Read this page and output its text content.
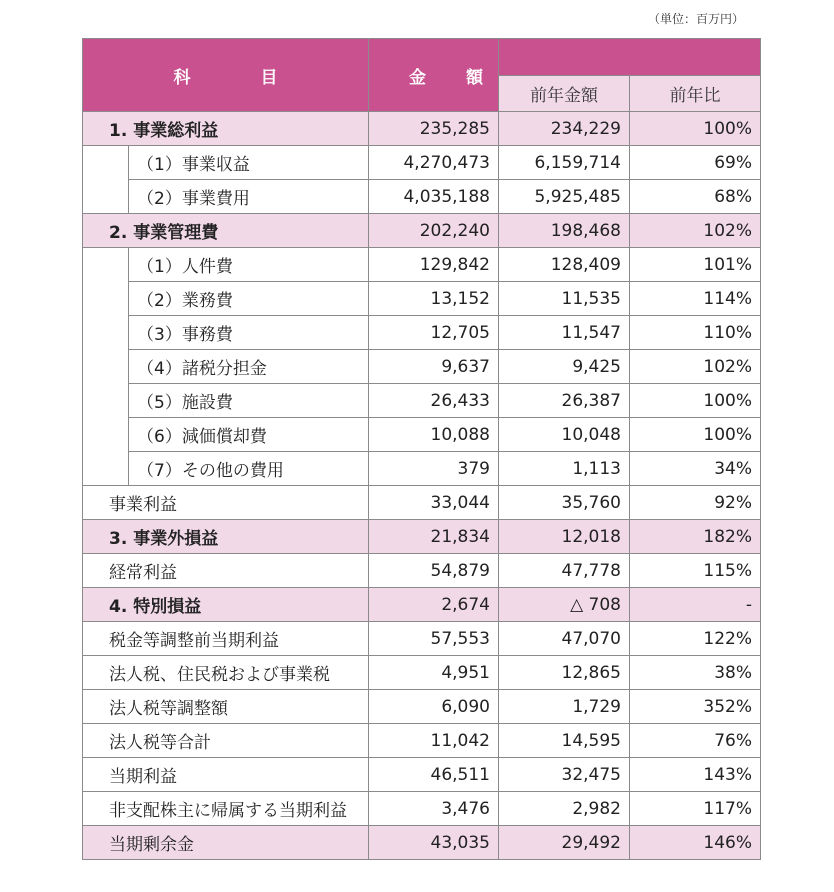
（単位：百万円）
科目		金額		
			前年金額	前年比
1. 事業総利益		235,285	234,229	100%
	（1）事業収益	4,270,473	6,159,714	69%
	（2）事業費用	4,035,188	5,925,485	68%
2. 事業管理費		202,240	198,468	102%
	（1）人件費	129,842	128,409	101%
	（2）業務費	13,152	11,535	114%
	（3）事務費	12,705	11,547	110%
	（4）諸税分担金	9,637	9,425	102%
	（5）施設費	26,433	26,387	100%
	（6）減価償却費	10,088	10,048	100%
	（7）その他の費用	379	1,113	34%
事業利益		33,044	35,760	92%
3. 事業外損益		21,834	12,018	182%
経常利益		54,879	47,778	115%
4. 特別損益		2,674	△ 708	-
税金等調整前当期利益		57,553	47,070	122%
法人税、住民税および事業税		4,951	12,865	38%
法人税等調整額		6,090	1,729	352%
法人税等合計		11,042	14,595	76%
当期利益		46,511	32,475	143%
非支配株主に帰属する当期利益		3,476	2,982	117%
当期剰余金		43,035	29,492	146%
